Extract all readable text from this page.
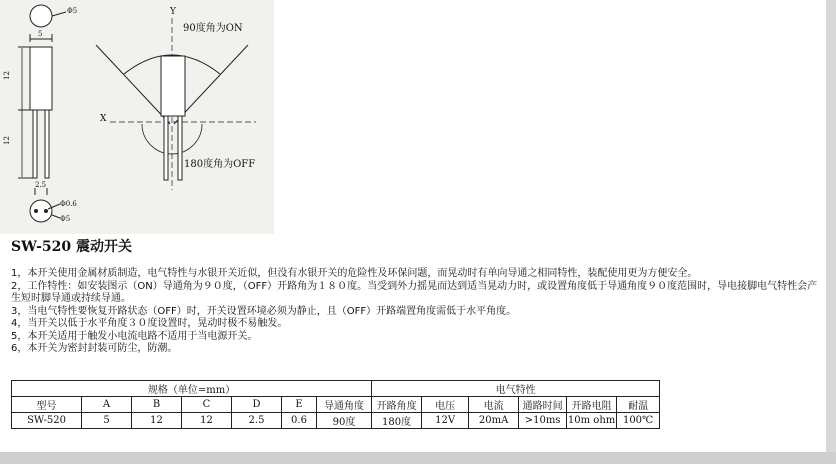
Φ5
5
12
12
2.5
Φ0.6
Φ5
Y
X
90度角为ON
180度角为OFF
SW-520 震动开关

1，本开关使用金属材质制造，电气特性与水银开关近似，但没有水银开关的危险性及环保问题，而晃动时有单向导通之相同特性，装配使用更为方便安全。

2，工作特性：如安装图示（ON）导通角为９０度，（OFF）开路角为１８０度。当受到外力摇晃而达到适当晃动力时，或设置角度低于导通角度９０度范围时，导电接脚电气特性会产生短时脚导通或持续导通。

3，当电气特性要恢复开路状态（OFF）时，开关设置环境必须为静止，且（OFF）开路端置角度需低于水平角度。

4，当开关以低于水平角度３０度设置时，晃动时极不易触发。

5，本开关适用于触发小电流电路不适用于当电源开关。

6，本开关为密封封装可防尘，防潮。

规格（单位=mm）							电气特性					
型号	A	B	C	D	E	导通角度	开路角度	电压	电流	通路时间	开路电阻	耐温
SW-520	5	12	12	2.5	0.6	90度	180度	12V	20mA	>10ms	10m ohm	100℃
